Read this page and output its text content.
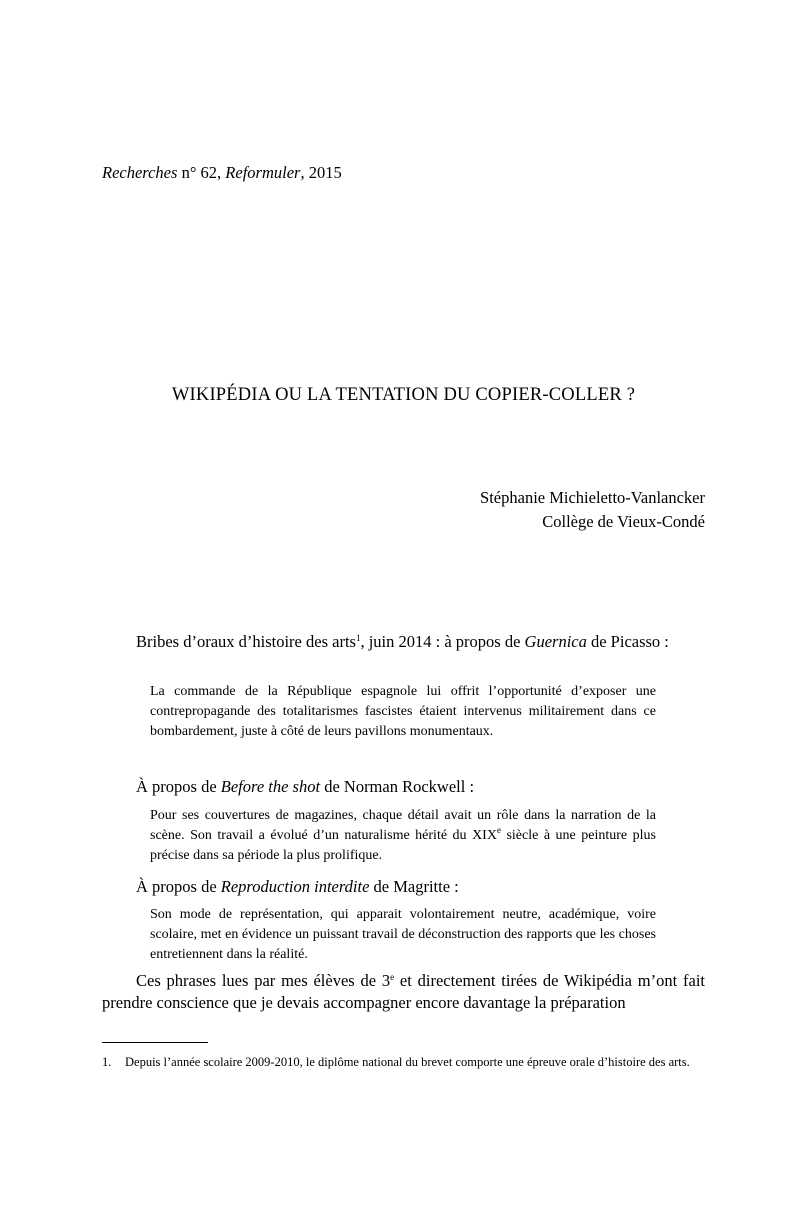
Recherches n° 62, Reformuler, 2015
WIKIPÉDIA OU LA TENTATION DU COPIER-COLLER ?
Stéphanie Michieletto-Vanlancker
Collège de Vieux-Condé
Bribes d’oraux d’histoire des arts$^1$, juin 2014 : à propos de Guernica de Picasso :
La commande de la République espagnole lui offrit l’opportunité d’exposer une contrepropagande des totalitarismes fascistes étaient intervenus militairement dans ce bombardement, juste à côté de leurs pavillons monumentaux.
À propos de Before the shot de Norman Rockwell :
Pour ses couvertures de magazines, chaque détail avait un rôle dans la narration de la scène. Son travail a évolué d’un naturalisme hérité du XIXe siècle à une peinture plus précise dans sa période la plus prolifique.
À propos de Reproduction interdite de Magritte :
Son mode de représentation, qui apparait volontairement neutre, académique, voire scolaire, met en évidence un puissant travail de déconstruction des rapports que les choses entretiennent dans la réalité.
Ces phrases lues par mes élèves de 3e et directement tirées de Wikipédia m’ont fait prendre conscience que je devais accompagner encore davantage la préparation
1. Depuis l’année scolaire 2009-2010, le diplôme national du brevet comporte une épreuve orale d’histoire des arts.
